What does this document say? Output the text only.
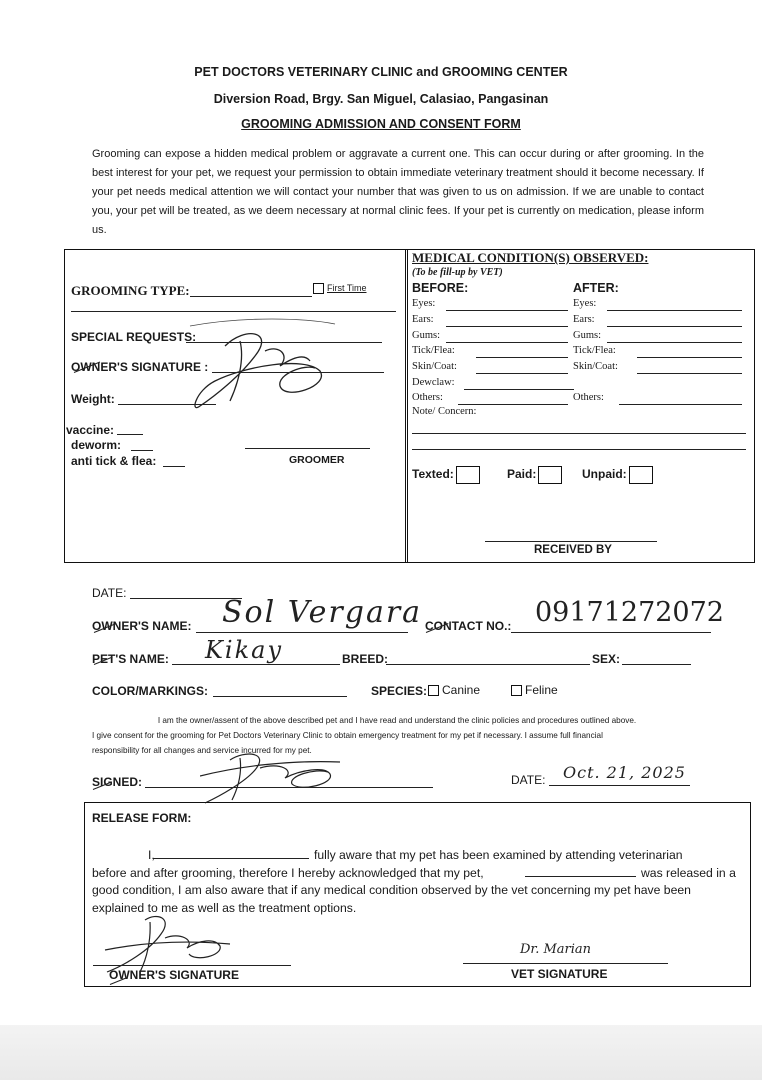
PET DOCTORS VETERINARY CLINIC and GROOMING CENTER
Diversion Road, Brgy. San Miguel, Calasiao, Pangasinan
GROOMING ADMISSION AND CONSENT FORM
Grooming can expose a hidden medical problem or aggravate a current one. This can occur during or after grooming. In the best interest for your pet, we request your permission to obtain immediate veterinary treatment should it become necessary. If your pet needs medical attention we will contact your number that was given to us on admission. If we are unable to contact you, your pet will be treated, as we deem necessary at normal clinic fees. If your pet is currently on medication, please inform us.
GROOMING TYPE:	First Time
SPECIAL REQUESTS:
OWNER'S SIGNATURE :
Weight:
vaccine:
deworm:
anti tick & flea:	GROOMER
MEDICAL CONDITION(S) OBSERVED:
(To be fill-up by VET)
BEFORE:	AFTER:
Eyes:	Eyes:
Ears:	Ears:
Gums:	Gums:
Tick/Flea:	Tick/Flea:
Skin/Coat:	Skin/Coat:
Dewclaw:
Others:	Others:
Note/ Concern:
Texted:	Paid:	Unpaid:
RECEIVED BY
DATE:
OWNER'S NAME: Sol Vergara CONTACT NO.: 09171272072
PET'S NAME: Kikay	BREED:	SEX:
COLOR/MARKINGS:	SPECIES:	Canine	Feline
I am the owner/assent of the above described pet and I have read and understand the clinic policies and procedures outlined above.
I give consent for the grooming for Pet Doctors Veterinary Clinic to obtain emergency treatment for my pet if necessary. I assume full financial
responsibility for all changes and service incurred for my pet.
SIGNED:	DATE: Oct. 21, 2025
RELEASE FORM:
I,	fully aware that my pet has been examined by attending veterinarian
before and after grooming, therefore I hereby acknowledged that my pet,	was released in a
good condition, I am also aware that if any medical condition observed by the vet concerning my pet have been
explained to me as well as the treatment options.
OWNER'S SIGNATURE
Dr. Marian
VET SIGNATURE
